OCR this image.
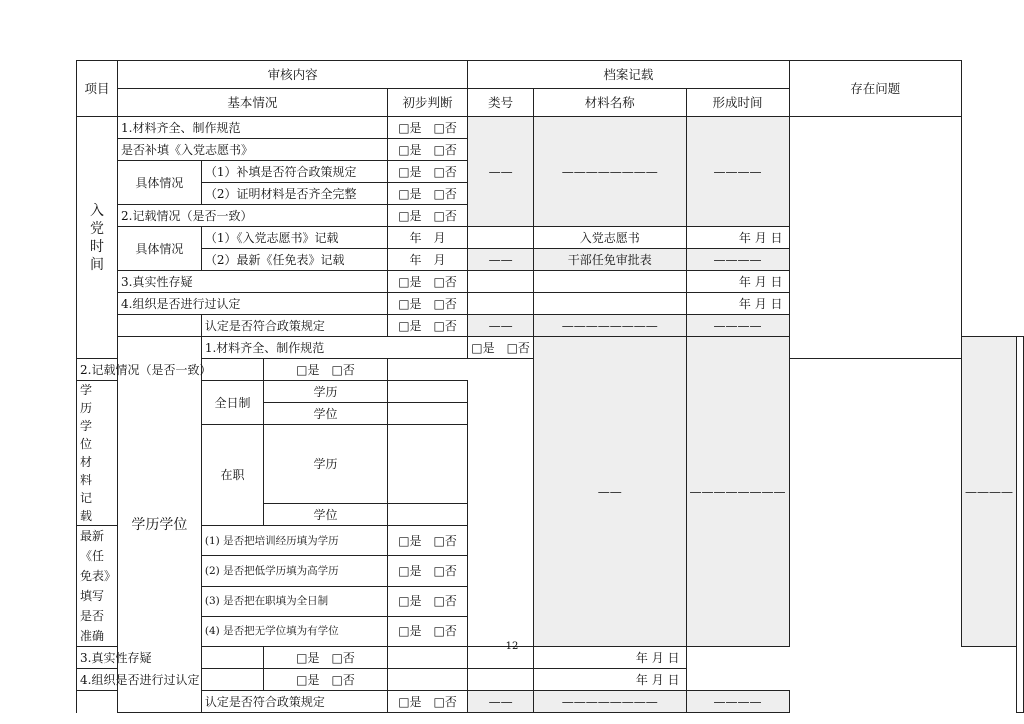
项目	审核内容				档案记载			存在问题		
	基本情况			初步判断	类号	材料名称	形成时间			
入党时间	1.材料齐全、制作规范			□是　□否	——	————————	————			
	是否补填《入党志愿书》			□是　□否						
	具体情况	（1）补填是否符合政策规定		□是　□否						
		（2）证明材料是否齐全完整		□是　□否						
	2.记载情况（是否一致）			□是　□否						
	具体情况	（1）《入党志愿书》记载		年　月		入党志愿书	年 月 日			
		（2）最新《任免表》记载		年　月	——	干部任免审批表	————			
	3.真实性存疑			□是　□否			年 月 日			
	4.组织是否进行过认定			□是　□否			年 月 日			
		认定是否符合政策规定		□是　□否	——	————————	————			
	学历学位	1.材料齐全、制作规范			□是　□否	——	————————		————	
2.记载情况（是否一致）			□是　□否							
学历学位材料记载		全日制	学历							
			学位							
		在职	学历							
			学位							
最新《任免表》填写是否准确		(1) 是否把培训经历填为学历		□是　□否						
		(2) 是否把低学历填为高学历		□是　□否						
		(3) 是否把在职填为全日制		□是　□否						
		(4) 是否把无学位填为有学位		□是　□否						
3.真实性存疑			□是　□否			年 月 日				
4.组织是否进行过认定			□是　□否			年 月 日				
		认定是否符合政策规定		□是　□否	——	————————	————			
12
